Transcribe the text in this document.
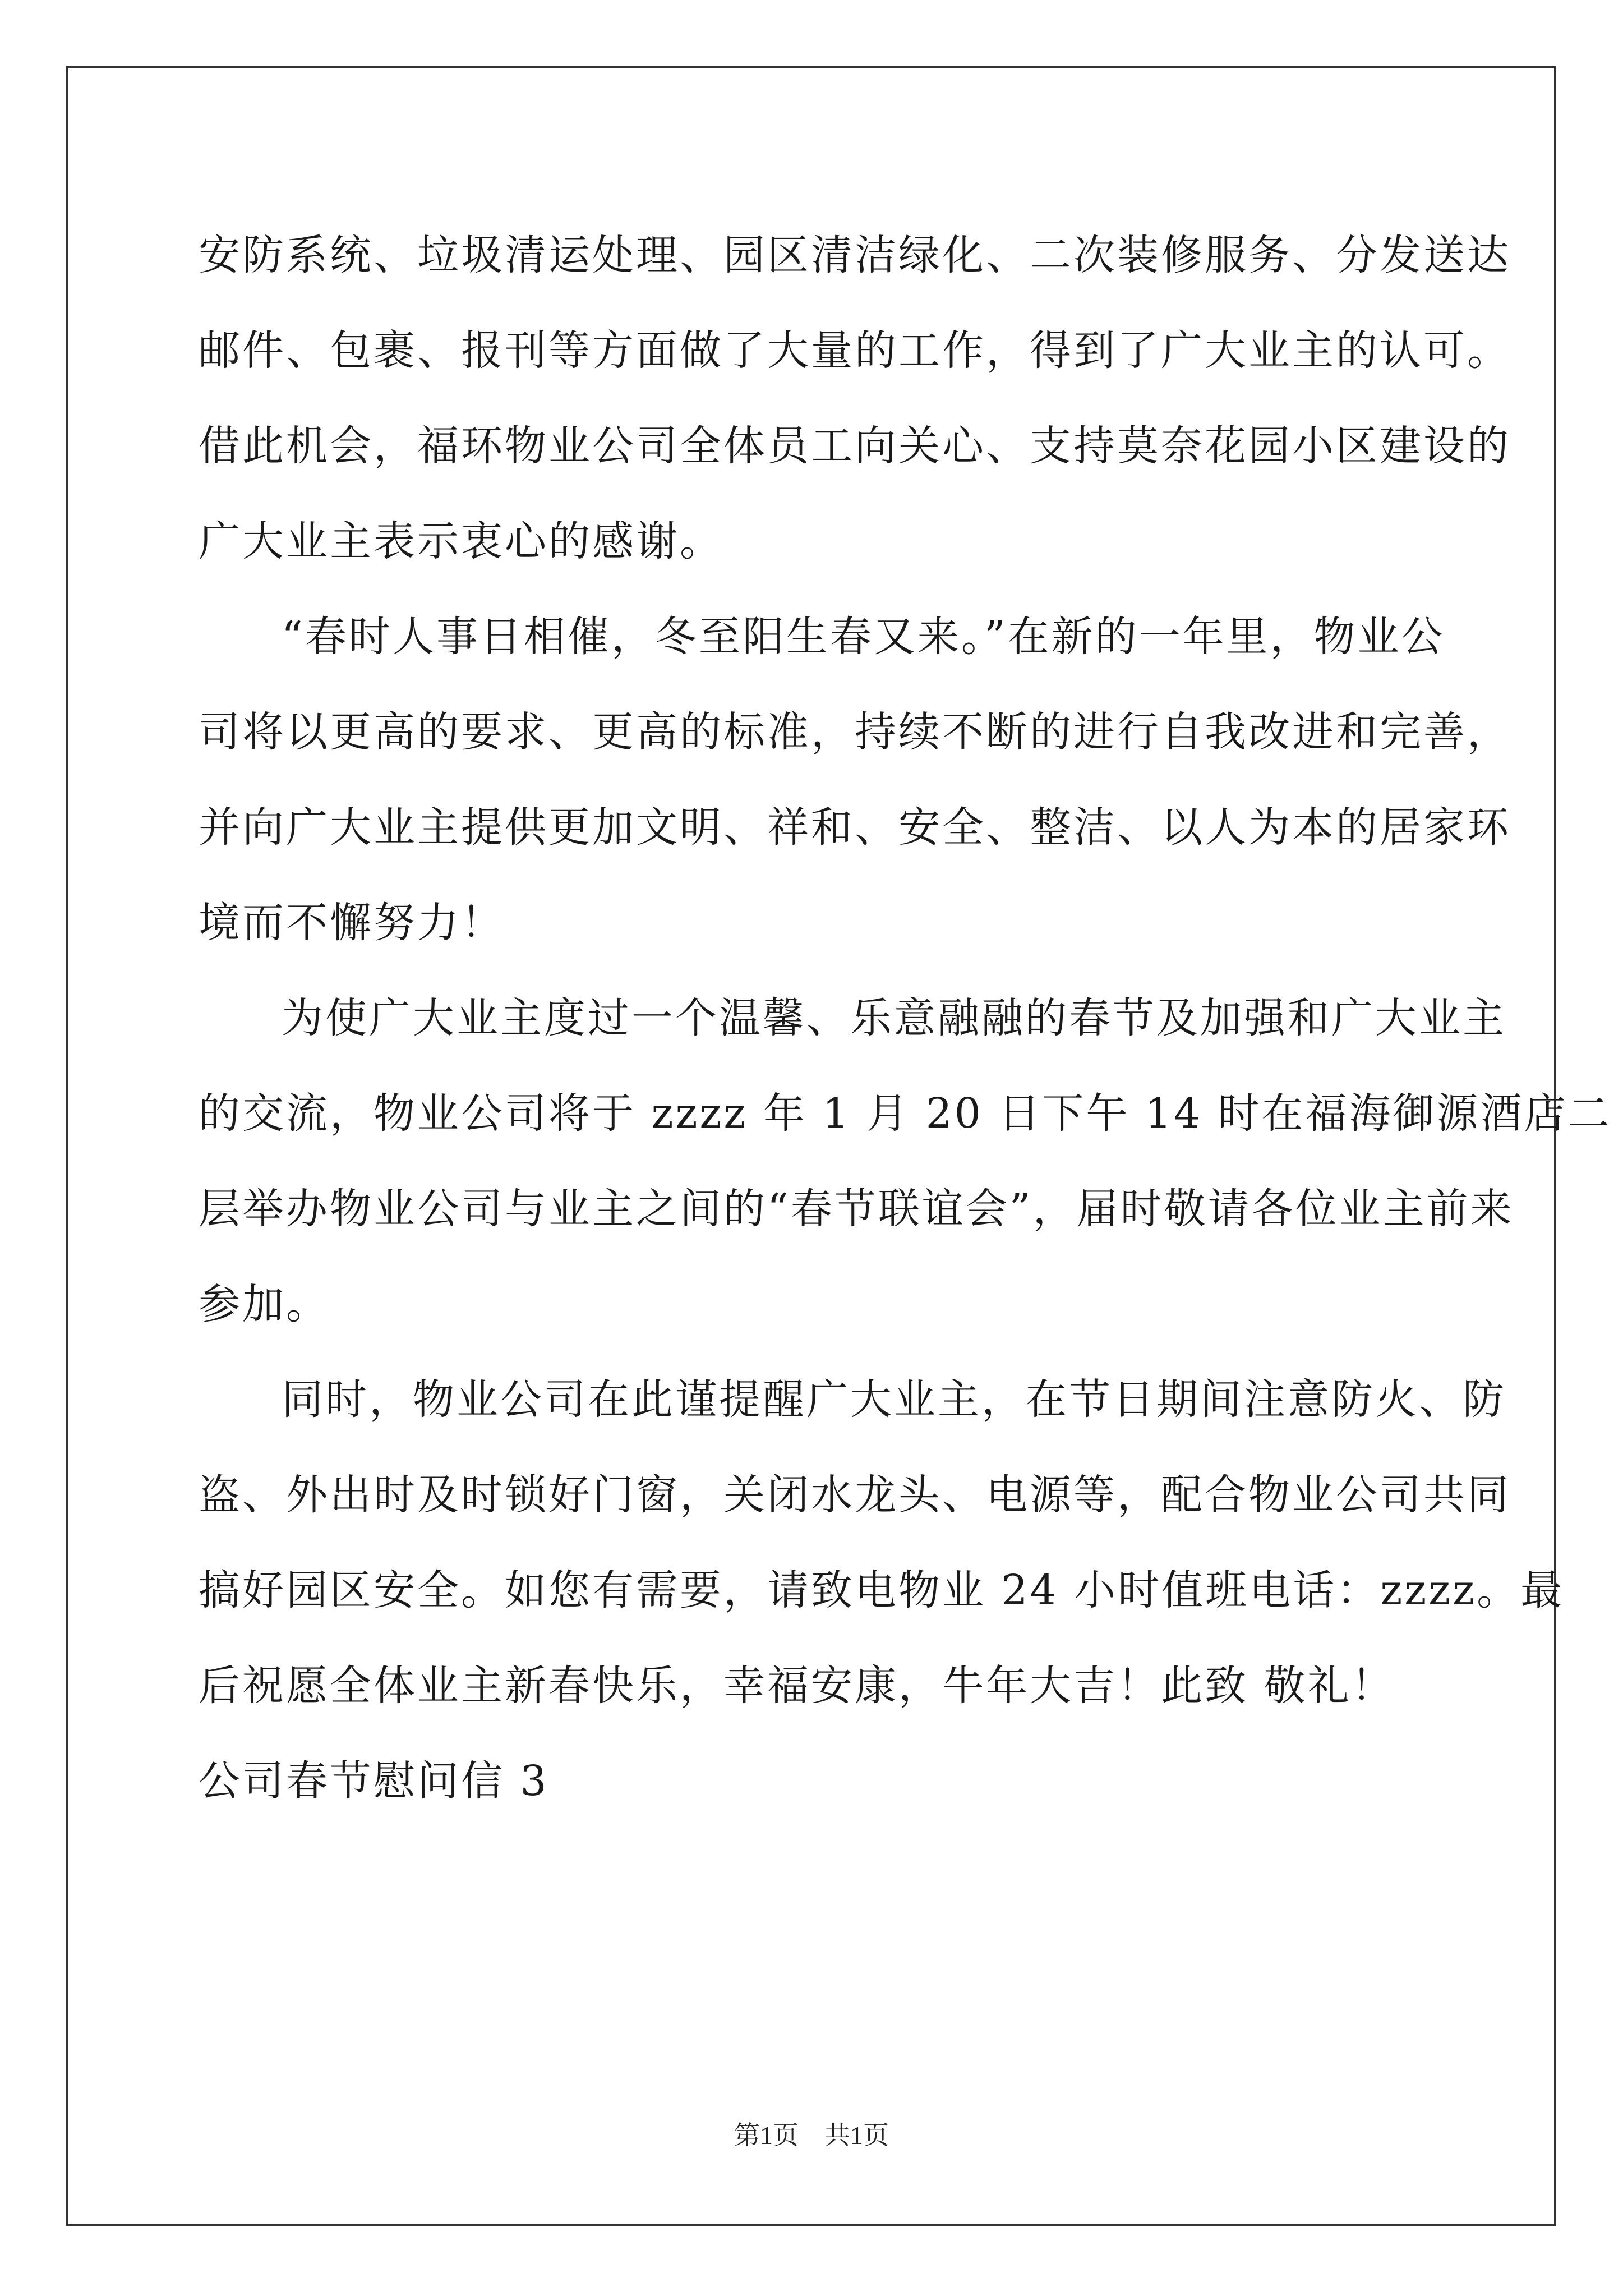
安防系统、垃圾清运处理、园区清洁绿化、二次装修服务、分发送达
邮件、包裹、报刊等方面做了大量的工作，得到了广大业主的认可。
借此机会，福环物业公司全体员工向关心、支持莫奈花园小区建设的
广大业主表示衷心的感谢。
“春时人事日相催，冬至阳生春又来。”在新的一年里，物业公
司将以更高的要求、更高的标准，持续不断的进行自我改进和完善，
并向广大业主提供更加文明、祥和、安全、整洁、以人为本的居家环
境而不懈努力！
为使广大业主度过一个温馨、乐意融融的春节及加强和广大业主
的交流，物业公司将于 zzzz 年 1 月 20 日下午 14 时在福海御源酒店二
层举办物业公司与业主之间的“春节联谊会”，届时敬请各位业主前来
参加。
同时，物业公司在此谨提醒广大业主，在节日期间注意防火、防
盗、外出时及时锁好门窗，关闭水龙头、电源等，配合物业公司共同
搞好园区安全。如您有需要，请致电物业 24 小时值班电话：zzzz。最
后祝愿全体业主新春快乐，幸福安康，牛年大吉！此致 敬礼！
公司春节慰问信 3
第1页　共1页
